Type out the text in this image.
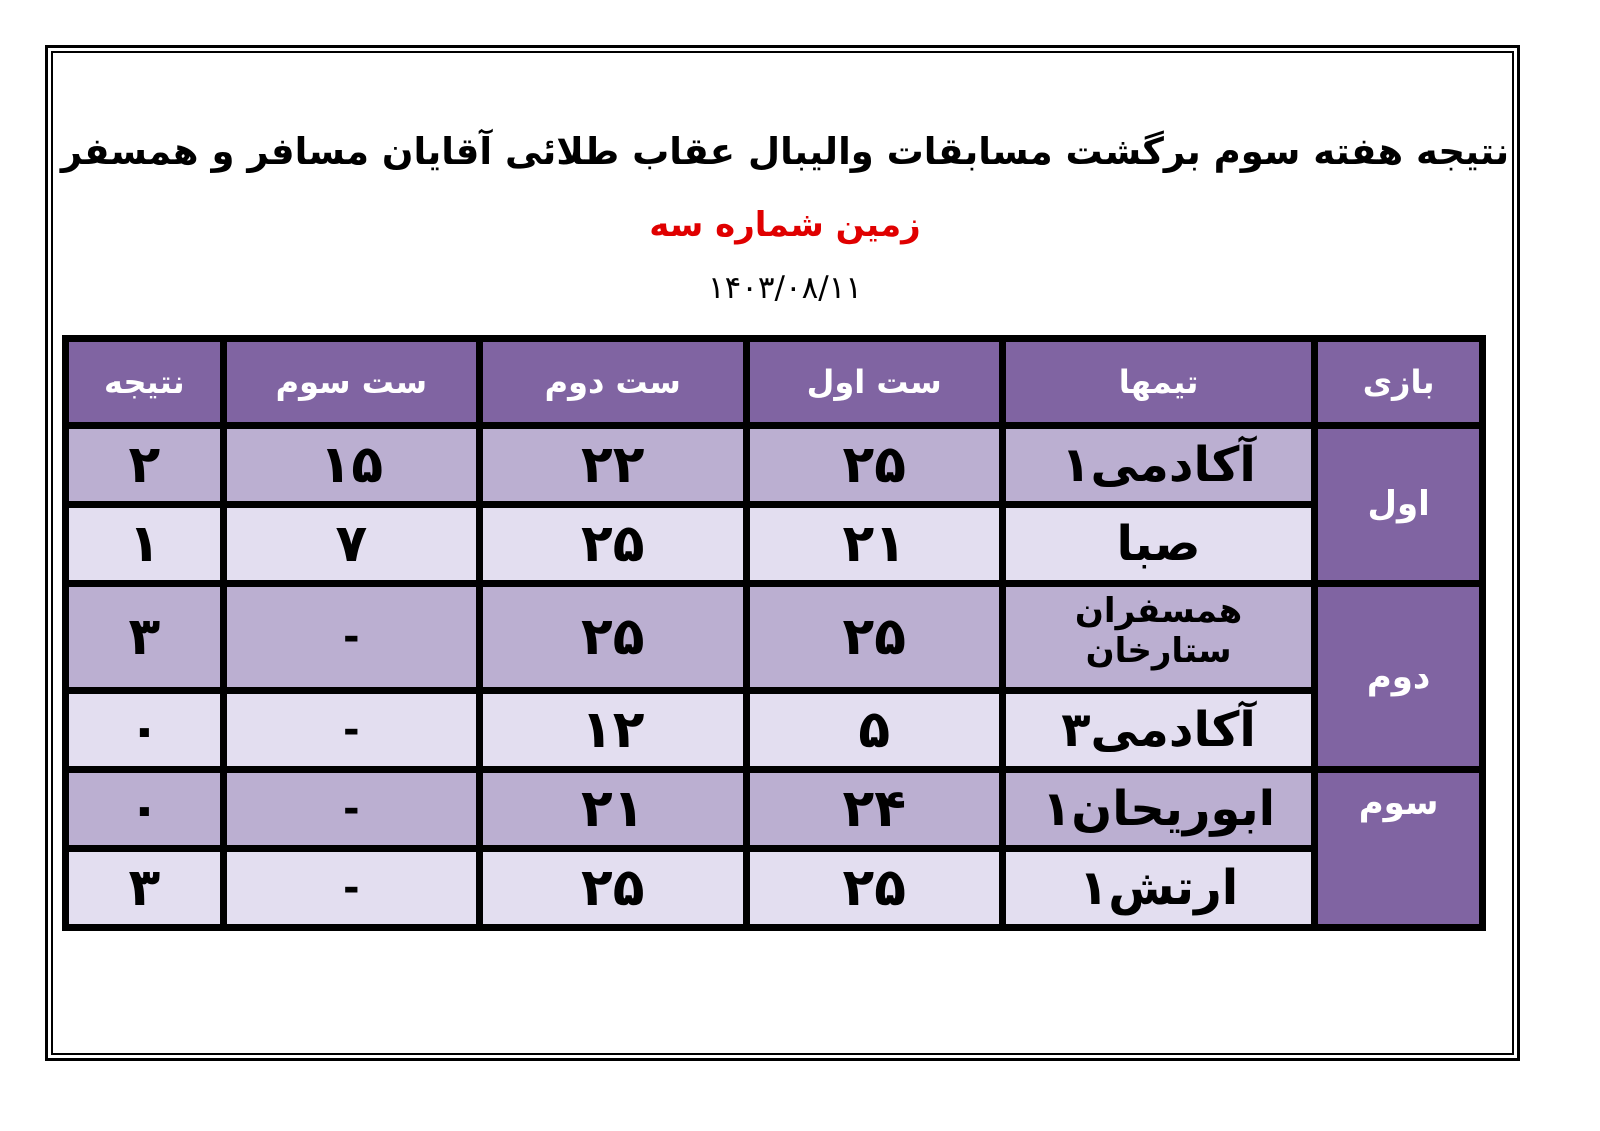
نتیجه هفته سوم برگشت مسابقات والیبال عقاب طلائی آقایان مسافر و همسفر
زمین شماره سه
۱۴۰۳/۰۸/۱۱
بازی	تیمها	ست اول	ست دوم	ست سوم	نتیجه
اول	آکادمی۱	۲۵	۲۲	۱۵	۲
	صبا	۲۱	۲۵	۷	۱
دوم	همسفران ستارخان	۲۵	۲۵	-	۳
	آکادمی۳	۵	۱۲	-	۰
سوم	ابوریحان۱	۲۴	۲۱	-	۰
	ارتش۱	۲۵	۲۵	-	۳
